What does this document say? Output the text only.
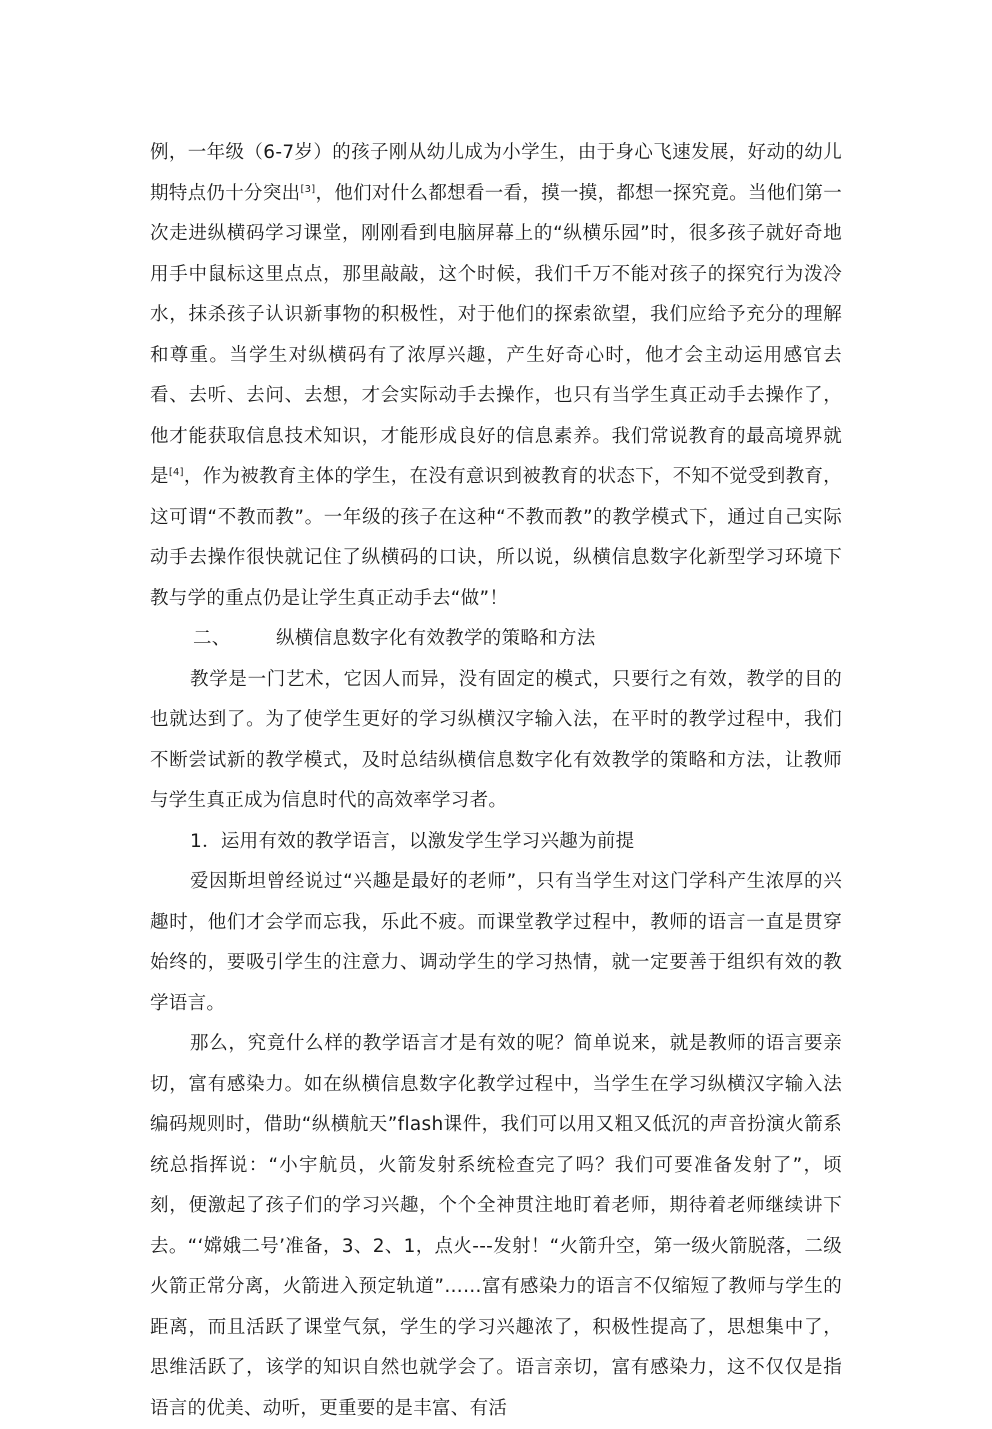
例，一年级（6-7岁）的孩子刚从幼儿成为小学生，由于身心飞速发展，好动的幼儿期特点仍十分突出[3]，他们对什么都想看一看，摸一摸，都想一探究竟。当他们第一次走进纵横码学习课堂，刚刚看到电脑屏幕上的“纵横乐园”时，很多孩子就好奇地用手中鼠标这里点点，那里敲敲，这个时候，我们千万不能对孩子的探究行为泼冷水，抹杀孩子认识新事物的积极性，对于他们的探索欲望，我们应给予充分的理解和尊重。当学生对纵横码有了浓厚兴趣，产生好奇心时，他才会主动运用感官去看、去听、去问、去想，才会实际动手去操作，也只有当学生真正动手去操作了，他才能获取信息技术知识，才能形成良好的信息素养。我们常说教育的最高境界就是[4]，作为被教育主体的学生，在没有意识到被教育的状态下，不知不觉受到教育，这可谓“不教而教”。一年级的孩子在这种“不教而教”的教学模式下，通过自己实际动手去操作很快就记住了纵横码的口诀，所以说，纵横信息数字化新型学习环境下教与学的重点仍是让学生真正动手去“做”！

二、 纵横信息数字化有效教学的策略和方法

教学是一门艺术，它因人而异，没有固定的模式，只要行之有效，教学的目的也就达到了。为了使学生更好的学习纵横汉字输入法，在平时的教学过程中，我们不断尝试新的教学模式，及时总结纵横信息数字化有效教学的策略和方法，让教师与学生真正成为信息时代的高效率学习者。

1．运用有效的教学语言，以激发学生学习兴趣为前提

爱因斯坦曾经说过“兴趣是最好的老师”，只有当学生对这门学科产生浓厚的兴趣时，他们才会学而忘我，乐此不疲。而课堂教学过程中，教师的语言一直是贯穿始终的，要吸引学生的注意力、调动学生的学习热情，就一定要善于组织有效的教学语言。

那么，究竟什么样的教学语言才是有效的呢？简单说来，就是教师的语言要亲切，富有感染力。如在纵横信息数字化教学过程中，当学生在学习纵横汉字输入法编码规则时，借助“纵横航天”flash课件，我们可以用又粗又低沉的声音扮演火箭系统总指挥说：“小宇航员，火箭发射系统检查完了吗？我们可要准备发射了”，顷刻，便激起了孩子们的学习兴趣，个个全神贯注地盯着老师，期待着老师继续讲下去。“‘嫦娥二号’准备，3、2、1，点火---发射！“火箭升空，第一级火箭脱落，二级火箭正常分离，火箭进入预定轨道”……富有感染力的语言不仅缩短了教师与学生的距离，而且活跃了课堂气氛，学生的学习兴趣浓了，积极性提高了，思想集中了，思维活跃了，该学的知识自然也就学会了。语言亲切，富有感染力，这不仅仅是指语言的优美、动听，更重要的是丰富、有活
